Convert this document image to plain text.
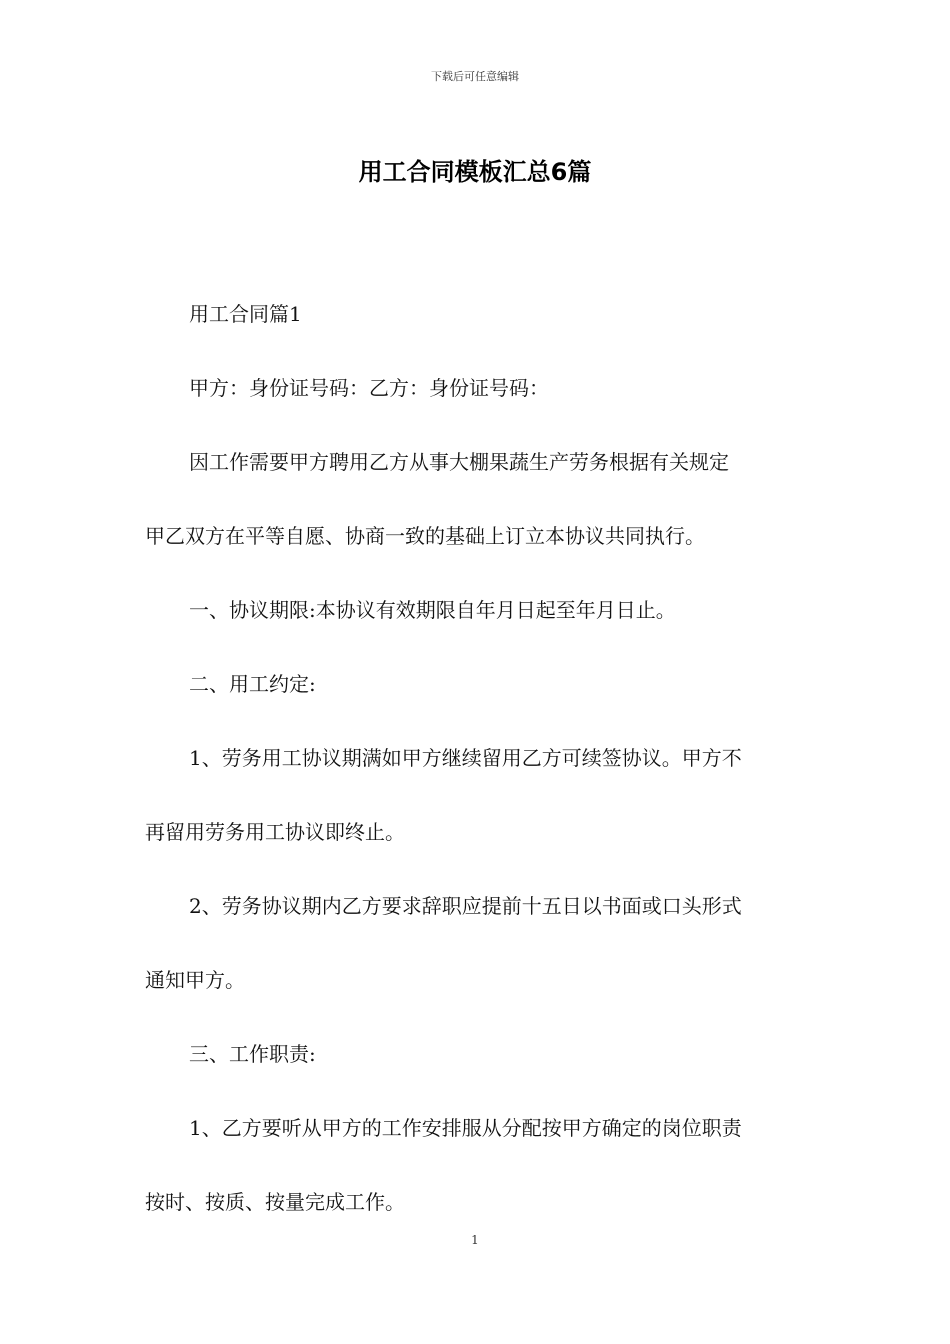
下载后可任意编辑
用工合同模板汇总6篇

用工合同篇1

甲方：身份证号码：乙方：身份证号码：

因工作需要甲方聘用乙方从事大棚果蔬生产劳务根据有关规定

甲乙双方在平等自愿、协商一致的基础上订立本协议共同执行。

一、协议期限:本协议有效期限自年月日起至年月日止。

二、用工约定:

1、劳务用工协议期满如甲方继续留用乙方可续签协议。甲方不

再留用劳务用工协议即终止。

2、劳务协议期内乙方要求辞职应提前十五日以书面或口头形式

通知甲方。

三、工作职责:

1、乙方要听从甲方的工作安排服从分配按甲方确定的岗位职责

按时、按质、按量完成工作。

1
